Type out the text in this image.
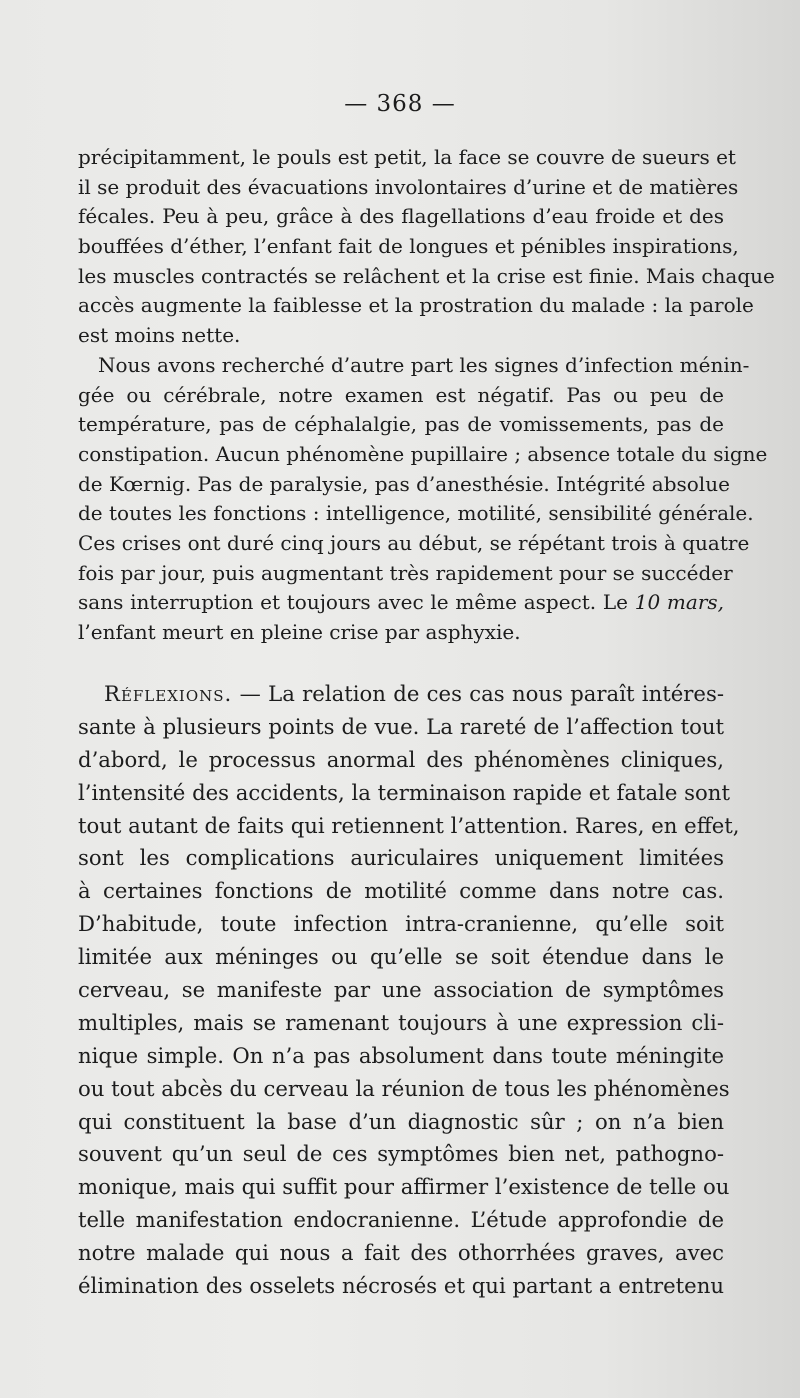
— 368 —
précipitamment, le pouls est petit, la face se couvre de sueurs et
il se produit des évacuations involontaires d’urine et de matières
fécales. Peu à peu, grâce à des flagellations d’eau froide et des
bouffées d’éther, l’enfant fait de longues et pénibles inspirations,
les muscles contractés se relâchent et la crise est finie. Mais chaque
accès augmente la faiblesse et la prostration du malade : la parole
est moins nette.
Nous avons recherché d’autre part les signes d’infection ménin-
gée ou cérébrale, notre examen est négatif. Pas ou peu de
température, pas de céphalalgie, pas de vomissements, pas de
constipation. Aucun phénomène pupillaire ; absence totale du signe
de Kœrnig. Pas de paralysie, pas d’anesthésie. Intégrité absolue
de toutes les fonctions : intelligence, motilité, sensibilité générale.
Ces crises ont duré cinq jours au début, se répétant trois à quatre
fois par jour, puis augmentant très rapidement pour se succéder
sans interruption et toujours avec le même aspect. Le 10 mars,
l’enfant meurt en pleine crise par asphyxie.
Réflexions. — La relation de ces cas nous paraît intéres-
sante à plusieurs points de vue. La rareté de l’affection tout
d’abord, le processus anormal des phénomènes cliniques,
l’intensité des accidents, la terminaison rapide et fatale sont
tout autant de faits qui retiennent l’attention. Rares, en effet,
sont les complications auriculaires uniquement limitées
à certaines fonctions de motilité comme dans notre cas.
D’habitude, toute infection intra-cranienne, qu’elle soit
limitée aux méninges ou qu’elle se soit étendue dans le
cerveau, se manifeste par une association de symptômes
multiples, mais se ramenant toujours à une expression cli-
nique simple. On n’a pas absolument dans toute méningite
ou tout abcès du cerveau la réunion de tous les phénomènes
qui constituent la base d’un diagnostic sûr ; on n’a bien
souvent qu’un seul de ces symptômes bien net, pathogno-
monique, mais qui suffit pour affirmer l’existence de telle ou
telle manifestation endocranienne. L’étude approfondie de
notre malade qui nous a fait des othorrhées graves, avec
élimination des osselets nécrosés et qui partant a entretenu
